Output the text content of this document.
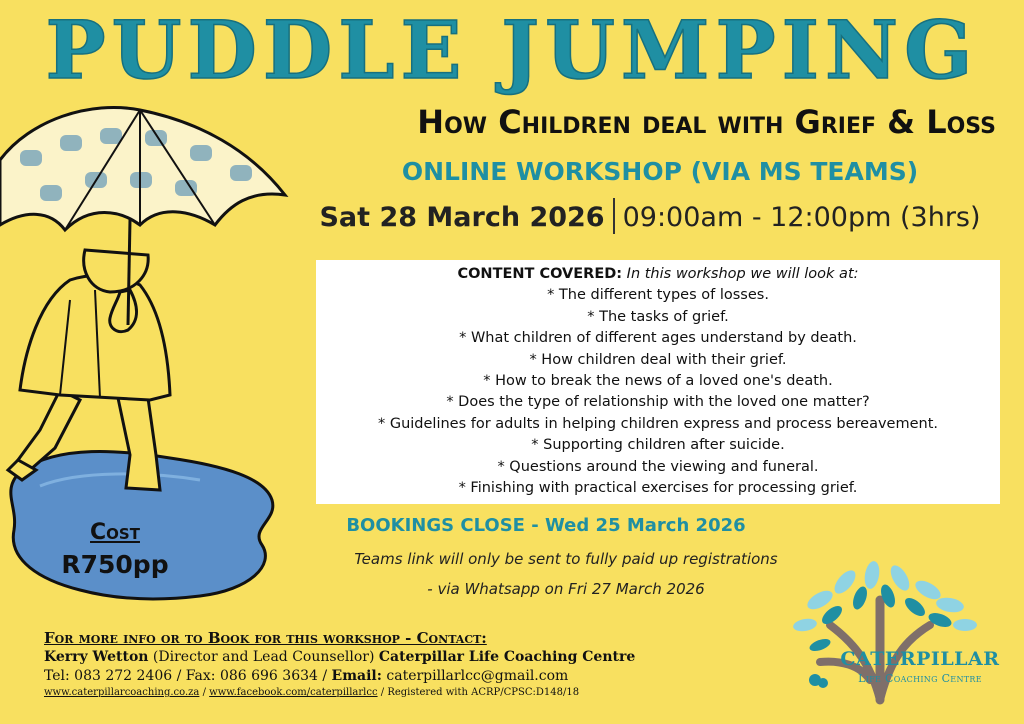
PUDDLE JUMPING
How Children deal with Grief & Loss
ONLINE WORKSHOP (VIA MS TEAMS)
Sat 28 March 2026 09:00am - 12:00pm (3hrs)
CONTENT COVERED: In this workshop we will look at:
* The different types of losses.
* The tasks of grief.
* What children of different ages understand by death.
* How children deal with their grief.
* How to break the news of a loved one's death.
* Does the type of relationship with the loved one matter?
* Guidelines for adults in helping children express and process bereavement.
* Supporting children after suicide.
* Questions around the viewing and funeral.
* Finishing with practical exercises for processing grief.
BOOKINGS CLOSE - Wed 25 March 2026
Teams link will only be sent to fully paid up registrations
- via Whatsapp on Fri 27 March 2026
Cost
R750pp
For more info or to Book for this workshop - Contact:
Kerry Wetton (Director and Lead Counsellor) Caterpillar Life Coaching Centre
Tel: 083 272 2406 / Fax: 086 696 3634 / Email: caterpillarlcc@gmail.com
www.caterpillarcoaching.co.za / www.facebook.com/caterpillarlcc / Registered with ACRP/CPSC:D148/18
CATERPILLAR
Life Coaching Centre
